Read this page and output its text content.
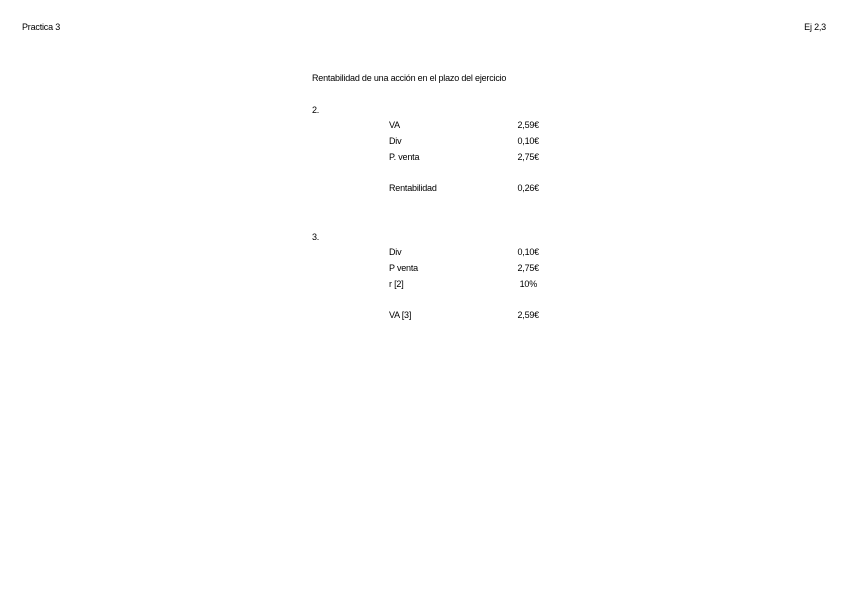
Practica 3	Ej 2,3
Rentabilidad de una acción en el plazo del ejercicio
2.
VA	2,59€
Div	0,10€
P. venta	2,75€
Rentabilidad	0,26€
3.
Div	0,10€
P venta	2,75€
r [2]	10%
VA [3]	2,59€
